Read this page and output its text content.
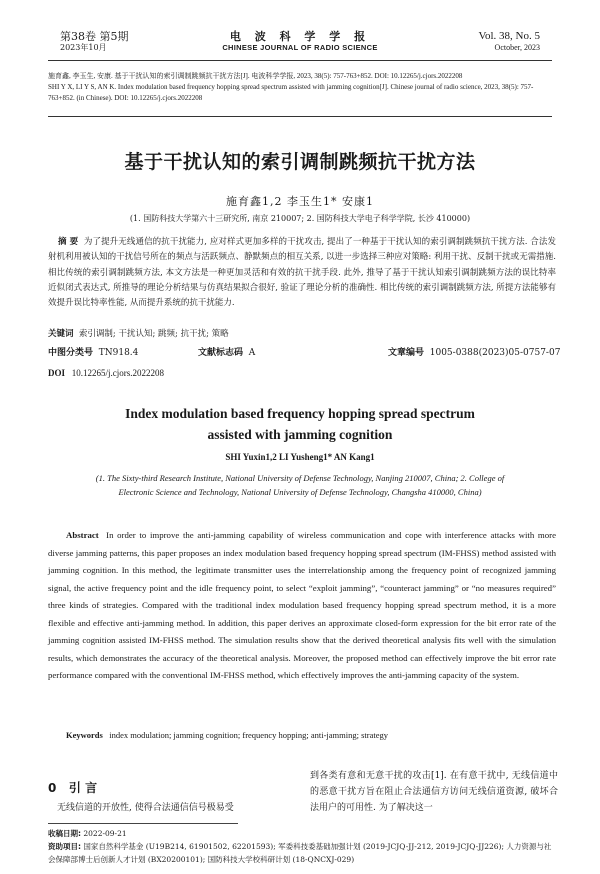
第38卷 第5期
2023年10月
电 波 科 学 学 报
CHINESE JOURNAL OF RADIO SCIENCE
Vol. 38, No. 5
October, 2023
施育鑫, 李玉生, 安康. 基于干扰认知的索引调制跳频抗干扰方法[J]. 电波科学学报, 2023, 38(5): 757-763+852. DOI: 10.12265/j.cjors.2022208
SHI Y X, LI Y S, AN K. Index modulation based frequency hopping spread spectrum assisted with jamming cognition[J]. Chinese journal of radio science, 2023, 38(5): 757-763+852. (in Chinese). DOI: 10.12265/j.cjors.2022208
基于干扰认知的索引调制跳频抗干扰方法
施育鑫1,2 李玉生1* 安康1
(1. 国防科技大学第六十三研究所, 南京 210007; 2. 国防科技大学电子科学学院, 长沙 410000)
摘 要 为了提升无线通信的抗干扰能力, 应对样式更加多样的干扰攻击, 提出了一种基于干扰认知的索引调制跳频抗干扰方法. 合法发射机利用被认知的干扰信号所在的频点与活跃频点、静默频点的相互关系, 以进一步选择三种应对策略: 利用干扰、反制干扰或无需措施. 相比传统的索引调制跳频方法, 本文方法是一种更加灵活和有效的抗干扰手段. 此外, 推导了基于干扰认知索引调制跳频方法的误比特率近似闭式表达式, 所推导的理论分析结果与仿真结果拟合很好, 验证了理论分析的准确性. 相比传统的索引调制跳频方法, 所提方法能够有效提升误比特率性能, 从而提升系统的抗干扰能力.
关键词 索引调制; 干扰认知; 跳频; 抗干扰; 策略
中图分类号 TN918.4	文献标志码 A	文章编号 1005-0388(2023)05-0757-07
DOI 10.12265/j.cjors.2022208
Index modulation based frequency hopping spread spectrum
assisted with jamming cognition
SHI Yuxin1,2 LI Yusheng1* AN Kang1
(1. The Sixty-third Research Institute, National University of Defense Technology, Nanjing 210007, China; 2. College of Electronic Science and Technology, National University of Defense Technology, Changsha 410000, China)
Abstract In order to improve the anti-jamming capability of wireless communication and cope with interference attacks with more diverse jamming patterns, this paper proposes an index modulation based frequency hopping spread spectrum (IM-FHSS) method assisted with jamming cognition. In this method, the legitimate transmitter uses the interrelationship among the frequency point of recognized jamming signal, the active frequency point and the idle frequency point, to select “exploit jamming”, “counteract jamming” or “no measures required” three kinds of strategies. Compared with the traditional index modulation based frequency hopping spread spectrum method, it is a more flexible and effective anti-jamming method. In addition, this paper derives an approximate closed-form expression for the bit error rate of the jamming cognition assisted IM-FHSS method. The simulation results show that the derived theoretical analysis fits well with the simulation results, which demonstrates the accuracy of the theoretical analysis. Moreover, the proposed method can effectively improve the bit error rate performance compared with the conventional IM-FHSS method, which effectively improves the anti-jamming capacity of the system.
Keywords index modulation; jamming cognition; frequency hopping; anti-jamming; strategy
0 引 言
无线信道的开放性, 使得合法通信信号极易受
到各类有意和无意干扰的攻击[1]. 在有意干扰中, 无线信道中的恶意干扰方旨在阻止合法通信方访问无线信道资源, 破坏合法用户的可用性. 为了解决这一
收稿日期: 2022-09-21
资助项目: 国家自然科学基金 (U19B214, 61901502, 62201593); 军委科技委基础加强计划 (2019-JCJQ-JJ-212, 2019-JCJQ-JJ226); 人力资源与社会保障部博士后创新人才计划 (BX20200101); 国防科技大学校科研计划 (18-QNCXJ-029)
